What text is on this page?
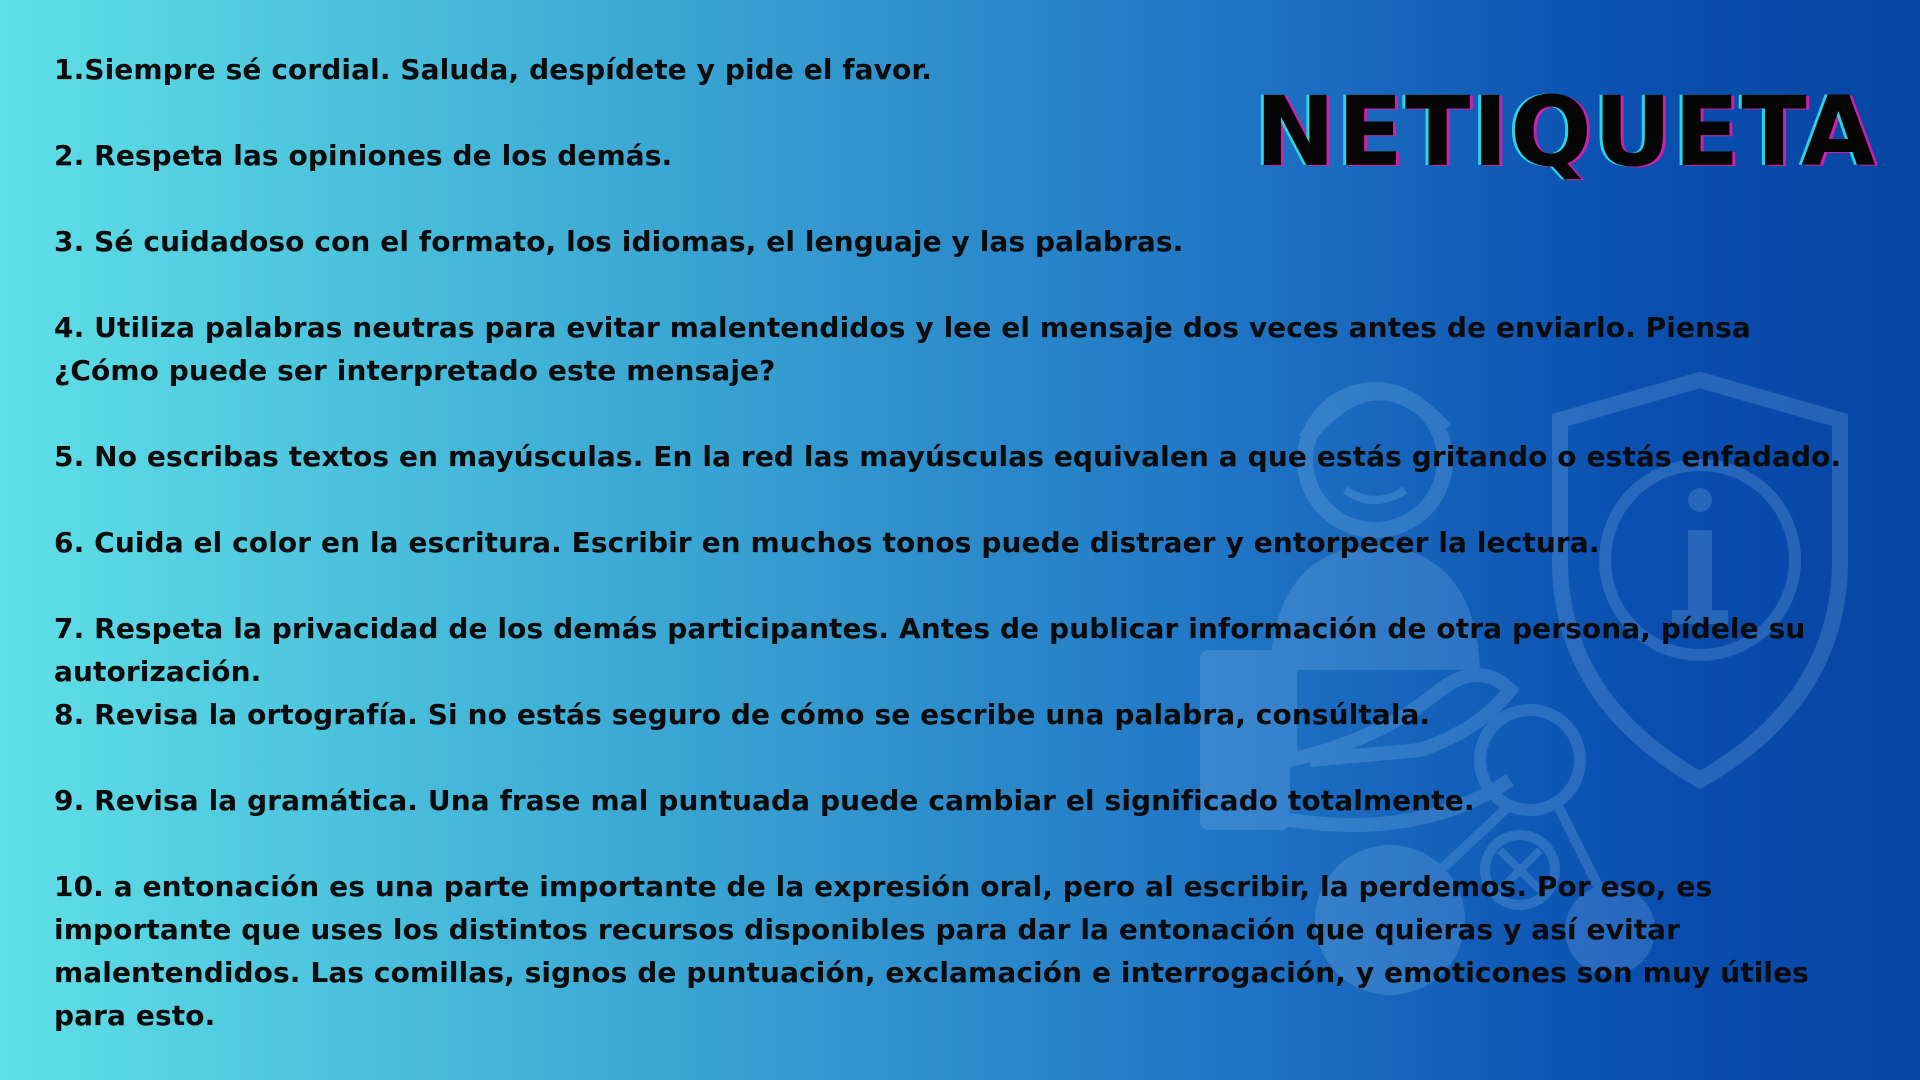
NETIQUETA
1.Siempre sé cordial. Saluda, despídete y pide el favor.
2. Respeta las opiniones de los demás.
3. Sé cuidadoso con el formato, los idiomas, el lenguaje y las palabras.
4. Utiliza palabras neutras para evitar malentendidos y lee el mensaje dos veces antes de enviarlo. Piensa ¿Cómo puede ser interpretado este mensaje?
5. No escribas textos en mayúsculas. En la red las mayúsculas equivalen a que estás gritando o estás enfadado.
6. Cuida el color en la escritura. Escribir en muchos tonos puede distraer y entorpecer la lectura.
7. Respeta la privacidad de los demás participantes. Antes de publicar información de otra persona, pídele su autorización.
8. Revisa la ortografía. Si no estás seguro de cómo se escribe una palabra, consúltala.
9. Revisa la gramática. Una frase mal puntuada puede cambiar el significado totalmente.
10. a entonación es una parte importante de la expresión oral, pero al escribir, la perdemos. Por eso, es importante que uses los distintos recursos disponibles para dar la entonación que quieras y así evitar malentendidos. Las comillas, signos de puntuación, exclamación e interrogación, y emoticones son muy útiles para esto.
